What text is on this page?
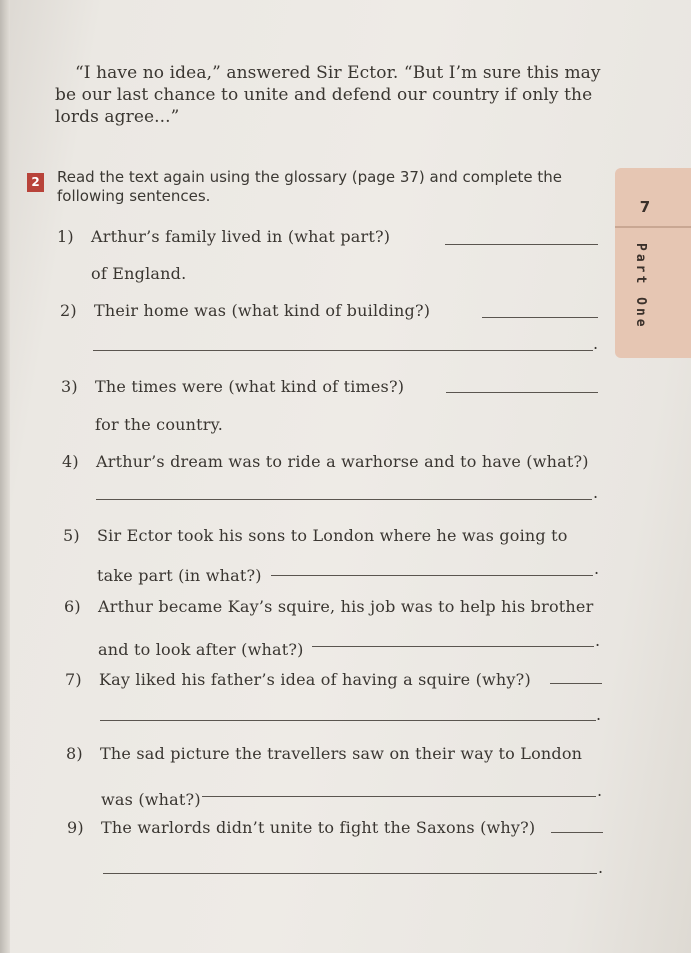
“I have no idea,” answered Sir Ector. “But I’m sure this may
be our last chance to unite and defend our country if only the
lords agree...”
2 Read the text again using the glossary (page 37) and complete the
following sentences.
7
Part One
1) Arthur’s family lived in (what part?)
of England.
2) Their home was (what kind of building?)
.
3) The times were (what kind of times?)
for the country.
4) Arthur’s dream was to ride a warhorse and to have (what?)
.
5) Sir Ector took his sons to London where he was going to
take part (in what?)	.
6) Arthur became Kay’s squire, his job was to help his brother
and to look after (what?)	.
7) Kay liked his father’s idea of having a squire (why?)
.
8) The sad picture the travellers saw on their way to London
was (what?)	.
9) The warlords didn’t unite to fight the Saxons (why?)
.
